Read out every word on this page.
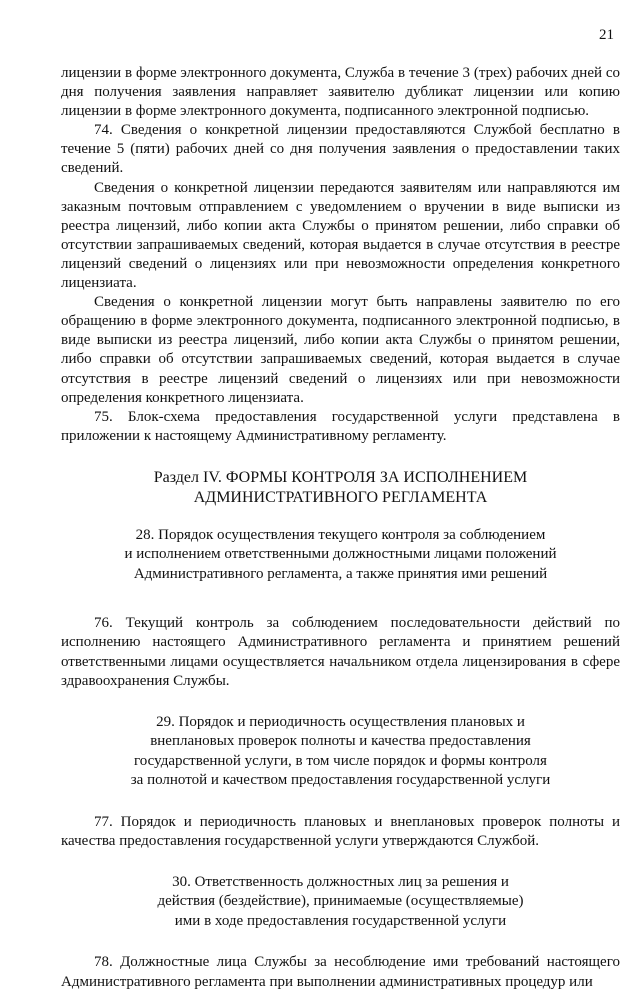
21

лицензии в форме электронного документа, Служба в течение 3 (трех) рабочих дней со дня получения заявления направляет заявителю дубликат лицензии или копию лицензии в форме электронного документа, подписанного электронной подписью.

74. Сведения о конкретной лицензии предоставляются Службой бесплатно в течение 5 (пяти) рабочих дней со дня получения заявления о предоставлении таких сведений.

Сведения о конкретной лицензии передаются заявителям или направляются им заказным почтовым отправлением с уведомлением о вручении в виде выписки из реестра лицензий, либо копии акта Службы о принятом решении, либо справки об отсутствии запрашиваемых сведений, которая выдается в случае отсутствия в реестре лицензий сведений о лицензиях или при невозможности определения конкретного лицензиата.

Сведения о конкретной лицензии могут быть направлены заявителю по его обращению в форме электронного документа, подписанного электронной подписью, в виде выписки из реестра лицензий, либо копии акта Службы о принятом решении, либо справки об отсутствии запрашиваемых сведений, которая выдается в случае отсутствия в реестре лицензий сведений о лицензиях или при невозможности определения конкретного лицензиата.

75. Блок-схема предоставления государственной услуги представлена в приложении к настоящему Административному регламенту.

Раздел IV. ФОРМЫ КОНТРОЛЯ ЗА ИСПОЛНЕНИЕМ
АДМИНИСТРАТИВНОГО РЕГЛАМЕНТА
28. Порядок осуществления текущего контроля за соблюдением
и исполнением ответственными должностными лицами положений
Административного регламента, а также принятия ими решений

76. Текущий контроль за соблюдением последовательности действий по исполнению настоящего Административного регламента и принятием решений ответственными лицами осуществляется начальником отдела лицензирования в сфере здравоохранения Службы.

29. Порядок и периодичность осуществления плановых и
внеплановых проверок полноты и качества предоставления
государственной услуги, в том числе порядок и формы контроля
за полнотой и качеством предоставления государственной услуги

77. Порядок и периодичность плановых и внеплановых проверок полноты и качества предоставления государственной услуги утверждаются Службой.

30. Ответственность должностных лиц за решения и
действия (бездействие), принимаемые (осуществляемые)
ими в ходе предоставления государственной услуги

78. Должностные лица Службы за несоблюдение ими требований настоящего Административного регламента при выполнении административных процедур или
